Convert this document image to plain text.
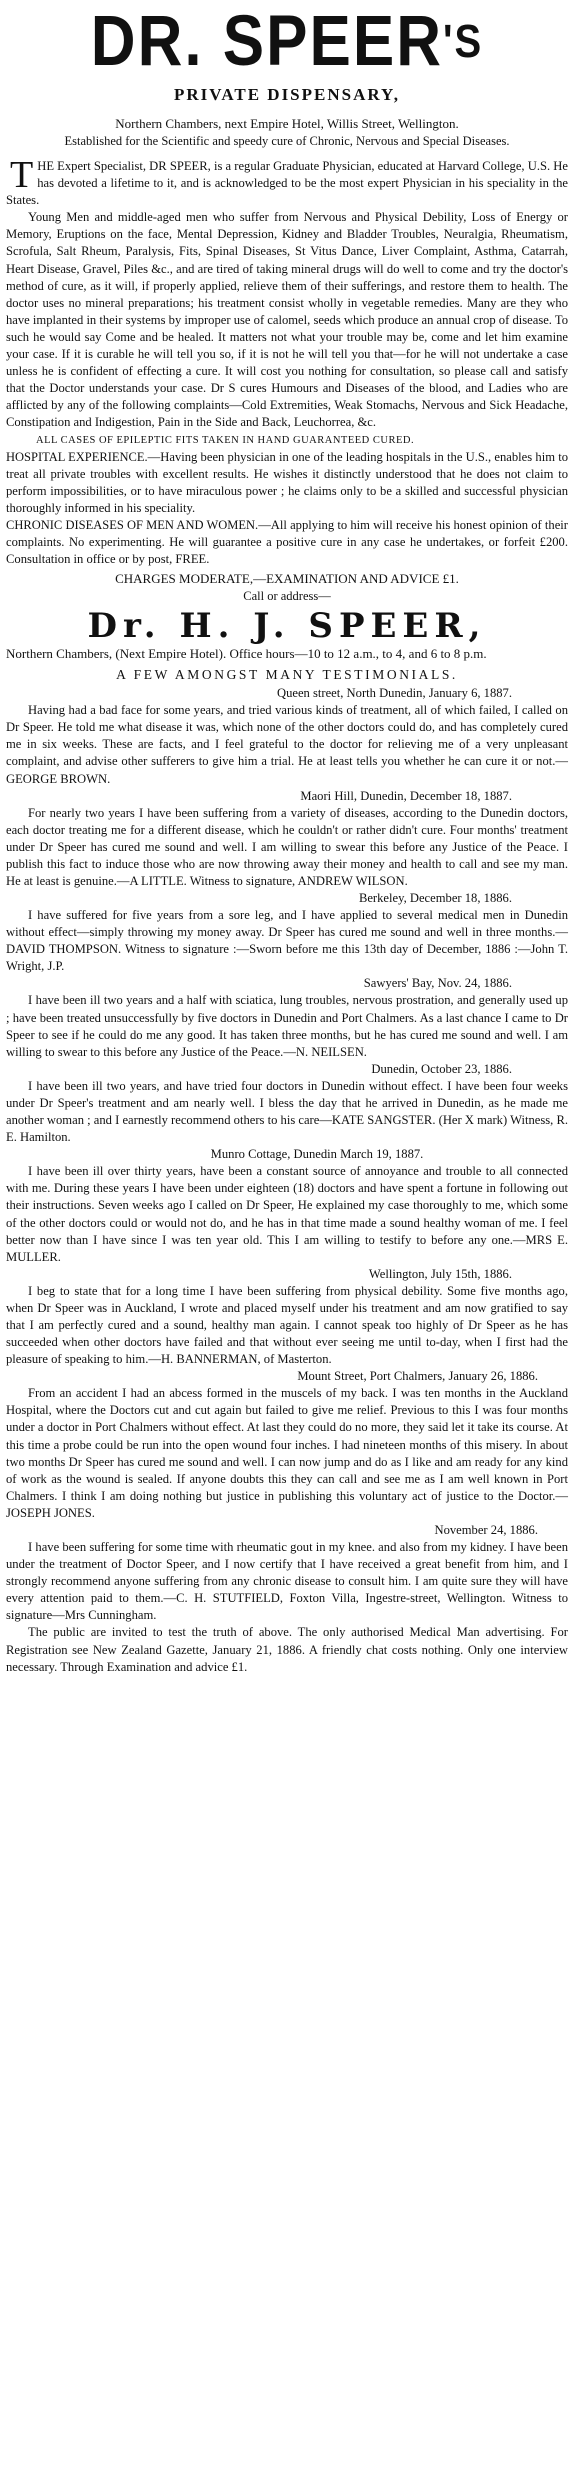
DR. $SPEER^{'S}$
PRIVATE DISPENSARY,
Northern Chambers, next Empire Hotel, Willis Street, Wellington.
Established for the Scientific and speedy cure of Chronic, Nervous and Special Diseases.
THE Expert Specialist, DR SPEER, is a regular Graduate Physician, educated at Harvard College, U.S. He has devoted a lifetime to it, and is acknowledged to be the most expert Physician in his speciality in the States.
Young Men and middle-aged men who suffer from Nervous and Physical Debility, Loss of Energy or Memory, Eruptions on the face, Mental Depression, Kidney and Bladder Troubles, Neuralgia, Rheumatism, Scrofula, Salt Rheum, Paralysis, Fits, Spinal Diseases, St Vitus Dance, Liver Complaint, Asthma, Catarrah, Heart Disease, Gravel, Piles &c., and are tired of taking mineral drugs will do well to come and try the doctor's method of cure, as it will, if properly applied, relieve them of their sufferings, and restore them to health. The doctor uses no mineral preparations; his treatment consist wholly in vegetable remedies. Many are they who have implanted in their systems by improper use of calomel, seeds which produce an annual crop of disease. To such he would say Come and be healed. It matters not what your trouble may be, come and let him examine your case. If it is curable he will tell you so, if it is not he will tell you that—for he will not undertake a case unless he is confident of effecting a cure. It will cost you nothing for consultation, so please call and satisfy that the Doctor understands your case. Dr S cures Humours and Diseases of the blood, and Ladies who are afflicted by any of the following complaints—Cold Extremities, Weak Stomachs, Nervous and Sick Headache, Constipation and Indigestion, Pain in the Side and Back, Leuchorrea, &c.
ALL CASES OF EPILEPTIC FITS TAKEN IN HAND GUARANTEED CURED.
HOSPITAL EXPERIENCE.—Having been physician in one of the leading hospitals in the U.S., enables him to treat all private troubles with excellent results. He wishes it distinctly understood that he does not claim to perform impossibilities, or to have miraculous power ; he claims only to be a skilled and successful physician thoroughly informed in his speciality.
CHRONIC DISEASES OF MEN AND WOMEN.—All applying to him will receive his honest opinion of their complaints. No experimenting. He will guarantee a positive cure in any case he undertakes, or forfeit £200. Consultation in office or by post, FREE.
CHARGES MODERATE,—EXAMINATION AND ADVICE £1.
Call or address—
Dr. H. J. SPEER,
Northern Chambers, (Next Empire Hotel). Office hours—10 to 12 a.m., to 4, and 6 to 8 p.m.
A FEW AMONGST MANY TESTIMONIALS.
Queen street, North Dunedin, January 6, 1887.
Having had a bad face for some years, and tried various kinds of treatment, all of which failed, I called on Dr Speer. He told me what disease it was, which none of the other doctors could do, and has completely cured me in six weeks. These are facts, and I feel grateful to the doctor for relieving me of a very unpleasant complaint, and advise other sufferers to give him a trial. He at least tells you whether he can cure it or not.—GEORGE BROWN.
Maori Hill, Dunedin, December 18, 1887.
For nearly two years I have been suffering from a variety of diseases, according to the Dunedin doctors, each doctor treating me for a different disease, which he couldn't or rather didn't cure. Four months' treatment under Dr Speer has cured me sound and well. I am willing to swear this before any Justice of the Peace. I publish this fact to induce those who are now throwing away their money and health to call and see my man. He at least is genuine.—A LITTLE. Witness to signature, ANDREW WILSON.
Berkeley, December 18, 1886.
I have suffered for five years from a sore leg, and I have applied to several medical men in Dunedin without effect—simply throwing my money away. Dr Speer has cured me sound and well in three months.—DAVID THOMPSON. Witness to signature :—Sworn before me this 13th day of December, 1886 :—John T. Wright, J.P.
Sawyers' Bay, Nov. 24, 1886.
I have been ill two years and a half with sciatica, lung troubles, nervous prostration, and generally used up ; have been treated unsuccessfully by five doctors in Dunedin and Port Chalmers. As a last chance I came to Dr Speer to see if he could do me any good. It has taken three months, but he has cured me sound and well. I am willing to swear to this before any Justice of the Peace.—N. NEILSEN.
Dunedin, October 23, 1886.
I have been ill two years, and have tried four doctors in Dunedin without effect. I have been four weeks under Dr Speer's treatment and am nearly well. I bless the day that he arrived in Dunedin, as he made me another woman ; and I earnestly recommend others to his care—KATE SANGSTER. (Her X mark) Witness, R. E. Hamilton.
Munro Cottage, Dunedin March 19, 1887.
I have been ill over thirty years, have been a constant source of annoyance and trouble to all connected with me. During these years I have been under eighteen (18) doctors and have spent a fortune in following out their instructions. Seven weeks ago I called on Dr Speer, He explained my case thoroughly to me, which some of the other doctors could or would not do, and he has in that time made a sound healthy woman of me. I feel better now than I have since I was ten year old. This I am willing to testify to before any one.—MRS E. MULLER.
Wellington, July 15th, 1886.
I beg to state that for a long time I have been suffering from physical debility. Some five months ago, when Dr Speer was in Auckland, I wrote and placed myself under his treatment and am now gratified to say that I am perfectly cured and a sound, healthy man again. I cannot speak too highly of Dr Speer as he has succeeded when other doctors have failed and that without ever seeing me until to-day, when I first had the pleasure of speaking to him.—H. BANNERMAN, of Masterton.
Mount Street, Port Chalmers, January 26, 1886.
From an accident I had an abcess formed in the muscels of my back. I was ten months in the Auckland Hospital, where the Doctors cut and cut again but failed to give me relief. Previous to this I was four months under a doctor in Port Chalmers without effect. At last they could do no more, they said let it take its course. At this time a probe could be run into the open wound four inches. I had nineteen months of this misery. In about two months Dr Speer has cured me sound and well. I can now jump and do as I like and am ready for any kind of work as the wound is sealed. If anyone doubts this they can call and see me as I am well known in Port Chalmers. I think I am doing nothing but justice in publishing this voluntary act of justice to the Doctor.—JOSEPH JONES.
November 24, 1886.
I have been suffering for some time with rheumatic gout in my knee. and also from my kidney. I have been under the treatment of Doctor Speer, and I now certify that I have received a great benefit from him, and I strongly recommend anyone suffering from any chronic disease to consult him. I am quite sure they will have every attention paid to them.—C. H. STUTFIELD, Foxton Villa, Ingestre-street, Wellington. Witness to signature—Mrs Cunningham.
The public are invited to test the truth of above. The only authorised Medical Man advertising. For Registration see New Zealand Gazette, January 21, 1886. A friendly chat costs nothing. Only one interview necessary. Through Examination and advice £1.
